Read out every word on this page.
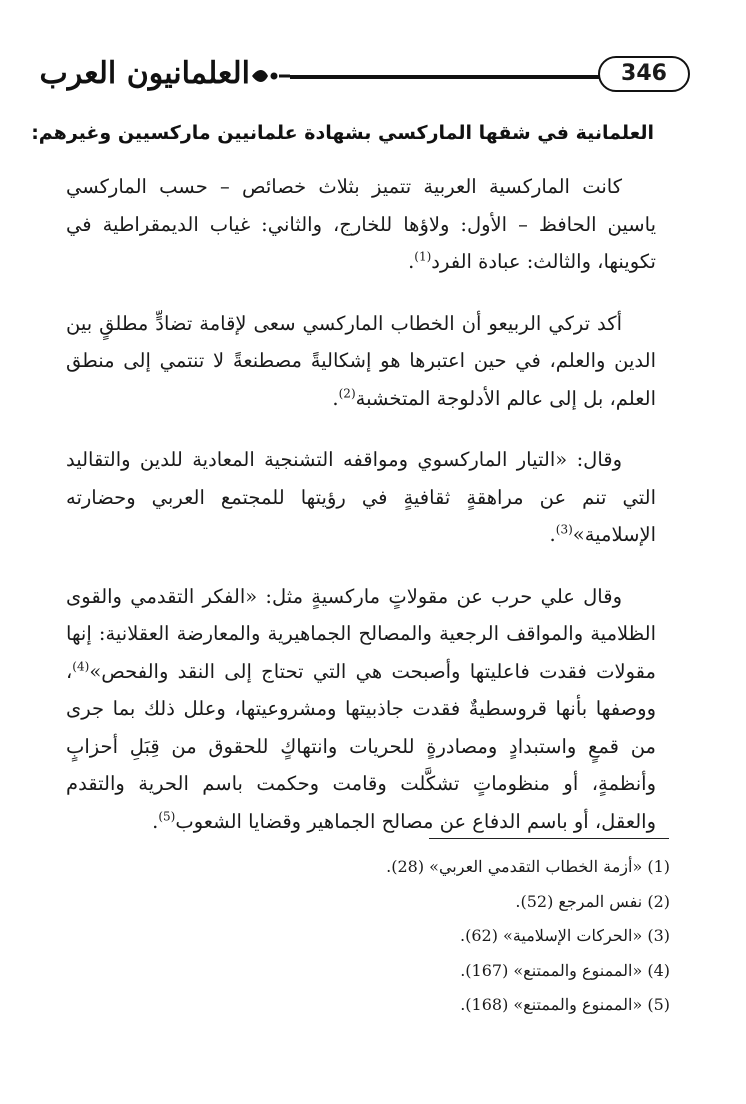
العلمانيون العرب	346
العلمانية في شقها الماركسي بشهادة علمانيين ماركسيين وغيرهم:

كانت الماركسية العربية تتميز بثلاث خصائص – حسب الماركسي ياسين الحافظ – الأول: ولاؤها للخارج، والثاني: غياب الديمقراطية في تكوينها، والثالث: عبادة الفرد$^{(1)}$.

أكد تركي الربيعو أن الخطاب الماركسي سعى لإقامة تضادٍّ مطلقٍ بين الدين والعلم، في حين اعتبرها هو إشكاليةً مصطنعةً لا تنتمي إلى منطق العلم، بل إلى عالم الأدلوجة المتخشبة$^{(2)}$.

وقال: «التيار الماركسوي ومواقفه التشنجية المعادية للدين والتقاليد التي تنم عن مراهقةٍ ثقافيةٍ في رؤيتها للمجتمع العربي وحضارته الإسلامية»$^{(3)}$.

وقال علي حرب عن مقولاتٍ ماركسيةٍ مثل: «الفكر التقدمي والقوى الظلامية والمواقف الرجعية والمصالح الجماهيرية والمعارضة العقلانية: إنها مقولات فقدت فاعليتها وأصبحت هي التي تحتاج إلى النقد والفحص»$^{(4)}$، ووصفها بأنها قروسطيةٌ فقدت جاذبيتها ومشروعيتها، وعلل ذلك بما جرى من قمعٍ واستبدادٍ ومصادرةٍ للحريات وانتهاكٍ للحقوق من قِبَلِ أحزابٍ وأنظمةٍ، أو منظوماتٍ تشكَّلت وقامت وحكمت باسم الحرية والتقدم والعقل، أو باسم الدفاع عن مصالح الجماهير وقضايا الشعوب$^{(5)}$.

(1) «أزمة الخطاب التقدمي العربي» (28).
(2) نفس المرجع (52).
(3) «الحركات الإسلامية» (62).
(4) «الممنوع والممتنع» (167).
(5) «الممنوع والممتنع» (168).
